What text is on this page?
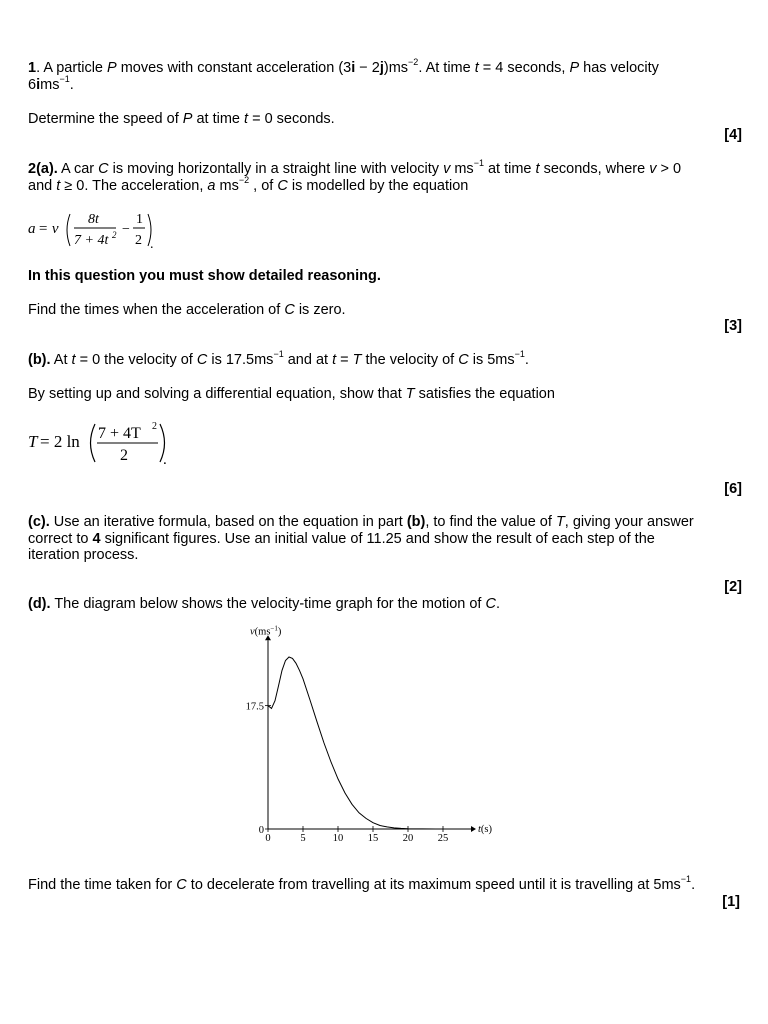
1. A particle P moves with constant acceleration $(3i - 2j)ms^{-2}$. At time t = 4 seconds, P has velocity
6ims$^{-1}$.
Determine the speed of P at time t = 0 seconds.
[4]
2(a). A car C is moving horizontally in a straight line with velocity v $ms^{-1}$ at time t seconds, where v > 0
and t ≥ 0. The acceleration, a $ms^{-2}$ , of C is modelled by the equation
a = v
8t
7 + 4t 2 −
1
2 .
In this question you must show detailed reasoning.
Find the times when the acceleration of C is zero.
[3]
(b). At t = 0 the velocity of C is $17.5ms^{-1}$ and at t = T the velocity of C is $5ms^{-1}$.
By setting up and solving a differential equation, show that T satisfies the equation
T = 2 ln 7 + 4T 2
2 .
[6]
(c). Use an iterative formula, based on the equation in part (b), to find the value of T, giving your answer
correct to 4 significant figures. Use an initial value of 11.25 and show the result of each step of the
iteration process.
[2]
(d). The diagram below shows the velocity-time graph for the motion of C.
0	5	10 15 20 25
0
17.5
$v(ms^{-1})$
t(s)
Find the time taken for C to decelerate from travelling at its maximum speed until it is travelling at $5ms^{-1}$.
[1]
